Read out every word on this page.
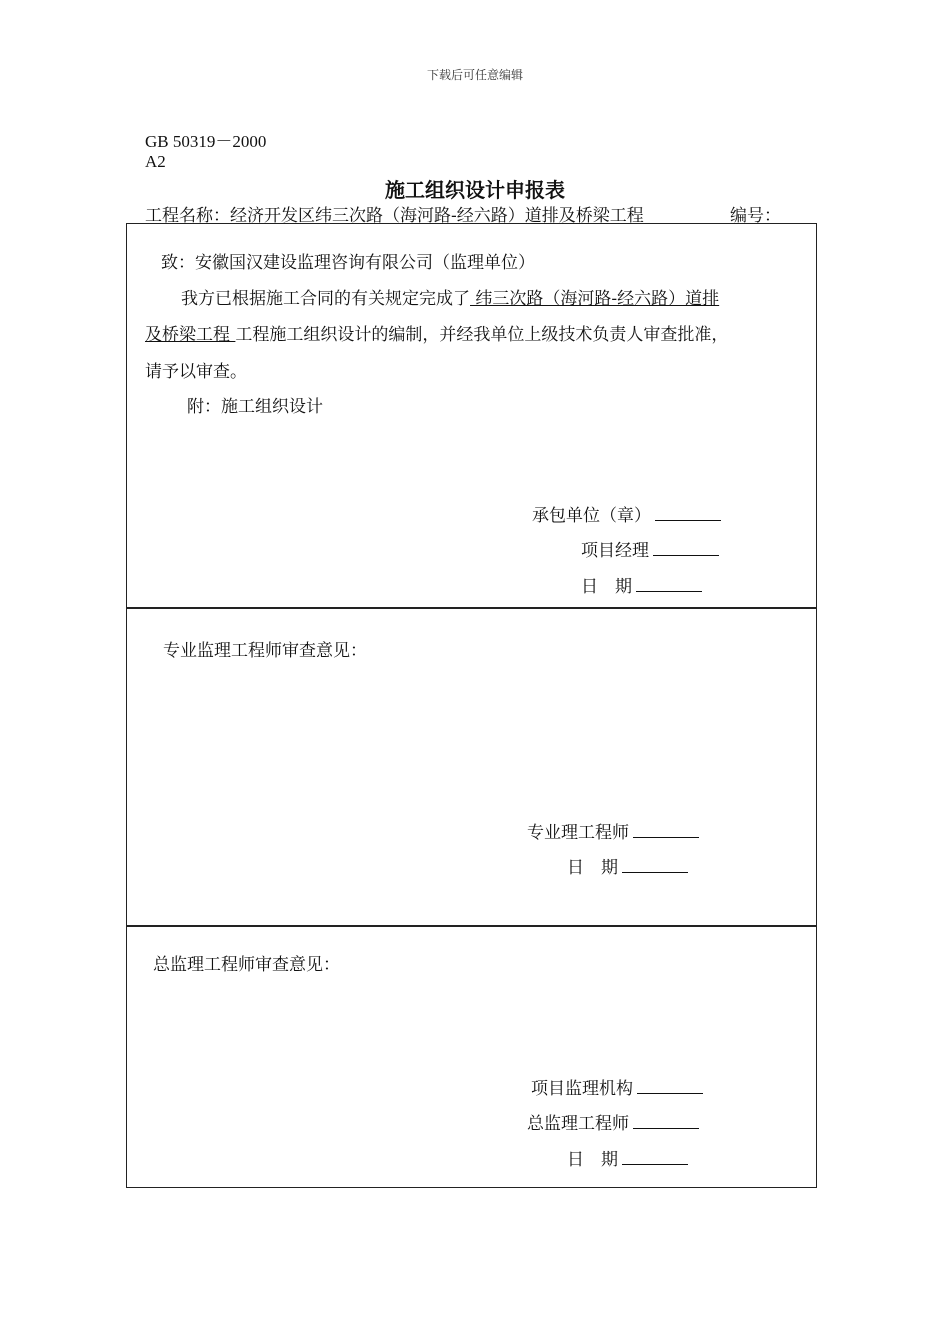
下载后可任意编辑
GB 50319－2000
A2
施工组织设计申报表
工程名称：经济开发区纬三次路（海河路-经六路）道排及桥梁工程	编号：
致：安徽国汉建设监理咨询有限公司（监理单位）
我方已根据施工合同的有关规定完成了 纬三次路（海河路-经六路）道排
及桥梁工程 工程施工组织设计的编制，并经我单位上级技术负责人审查批准，
请予以审查。
附：施工组织设计
承包单位（章）
项目经理
日　期
专业监理工程师审查意见：
专业理工程师
日　期
总监理工程师审查意见：
项目监理机构
总监理工程师
日　期
